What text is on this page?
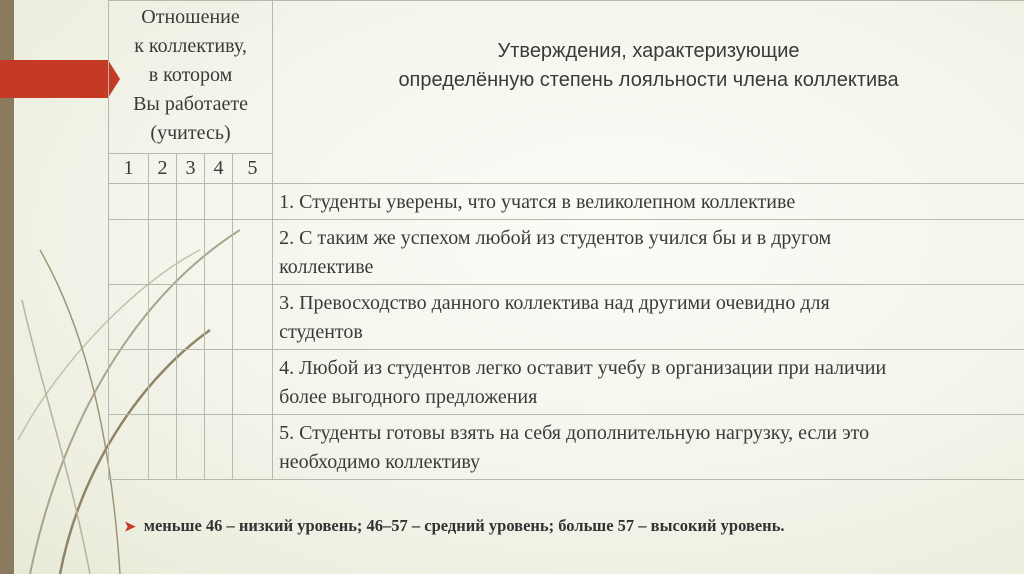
Отношение
к коллективу,
в котором
Вы работаете
(учитесь)					Утверждения, характеризующие
определённую степень лояльности члена коллектива
1	2	3	4	5	
					1. Студенты уверены, что учатся в великолепном коллективе
					2. С таким же успехом любой из студентов учился бы и в другом
коллективе
					3. Превосходство данного коллектива над другими очевидно для
студентов
					4. Любой из студентов легко оставит учебу в организации при наличии
более выгодного предложения
					5. Студенты готовы взять на себя дополнительную нагрузку, если это
необходимо коллективу
➤ меньше 46 – низкий уровень; 46–57 – средний уровень; больше 57 – высокий уровень.
